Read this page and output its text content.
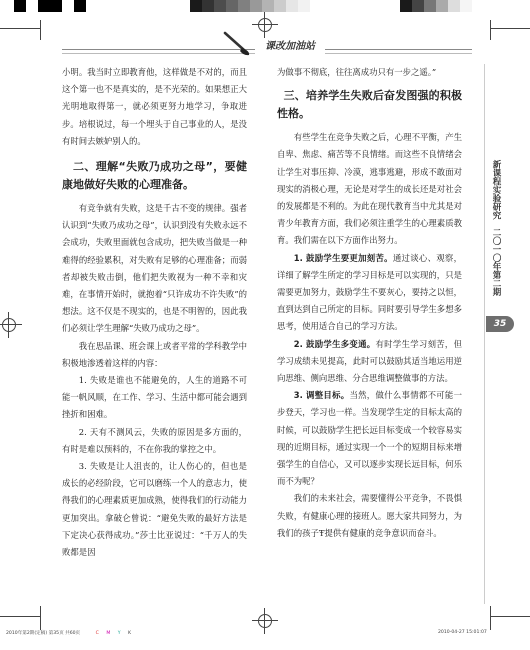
课改加油站

小明。我当时立即教育他，这样做是不对的，而且这个第一也不是真实的，是不光荣的。如果想正大光明地取得第一，就必须更努力地学习，争取进步。培根说过，每一个埋头于自己事业的人，是没有时间去嫉妒别人的。

二、理解“失败乃成功之母”，要健康地做好失败的心理准备。

有竞争就有失败，这是千古不变的规律。强者认识到“失败乃成功之母”，认识到没有失败永远不会成功，失败里面就包含成功，把失败当做是一种难得的经验累积，对失败有足够的心理准备；而弱者却被失败击倒，他们把失败视为一种不幸和灾难，在事情开始时，就抱着“只许成功不许失败”的想法。这不仅是不现实的，也是不明智的，因此我们必须让学生理解“失败乃成功之母”。

我在思品课、班会课上或者平常的学科教学中积极地渗透着这样的内容：

1. 失败是谁也不能避免的，人生的道路不可能一帆风顺，在工作、学习、生活中都可能会遇到挫折和困难。

2. 天有不测风云，失败的原因是多方面的，有时是难以预料的，不在你我的掌控之中。

3. 失败是让人沮丧的，让人伤心的，但也是成长的必经阶段，它可以磨练一个人的意志力，使得我们的心理素质更加成熟，使得我们的行动能力更加突出。拿破仑曾说：“避免失败的最好方法是下定决心获得成功。”莎士比亚说过：“千万人的失败都是因

为做事不彻底，往往离成功只有一步之遥。”

三、培养学生失败后奋发图强的积极性格。

有些学生在竞争失败之后，心理不平衡，产生自卑、焦虑、痛苦等不良情绪。而这些不良情绪会让学生对事压抑、冷漠，逃事逃避，形成不敢面对现实的消极心理，无论是对学生的成长还是对社会的发展都是不利的。为此在现代教育当中尤其是对青少年教育方面，我们必须注重学生的心理素质教育。我们需在以下方面作出努力。

1. 鼓励学生要更加刻苦。通过谈心、观察，详细了解学生所定的学习目标是可以实现的，只是需要更加努力，鼓励学生不要灰心，要持之以恒，直到达到自己所定的目标。同时要引导学生多想多思考，使用适合自己的学习方法。

2. 鼓励学生多变通。有时学生学习刻苦，但学习成绩未见提高，此时可以鼓励其适当地运用逆向思维、侧向思维、分合思维调整做事的方法。

3. 调整目标。当然，做什么事情都不可能一步登天，学习也一样。当发现学生定的目标太高的时候，可以鼓励学生把长远目标变成一个较容易实现的近期目标，通过实现一个一个的短期目标来增强学生的自信心，又可以逐步实现长远目标，何乐而不为呢？

我们的未来社会，需要懂得公平竞争，不畏惧失败，有健康心理的接班人。愿大家共同努力，为我们的孩子Ŧ提供有健康的竞争意识而奋斗。

新课程实验研究
二〇一〇年第二期
35
2010年第2期(定稿) 第35页 共60页	C M Y K	2010-04-27 15:01:07
